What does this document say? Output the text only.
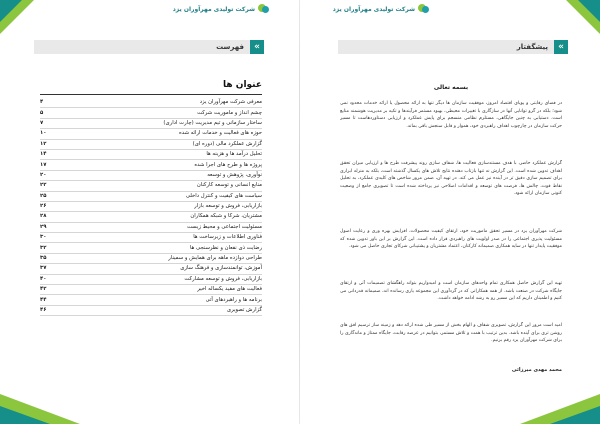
شرکت تولیدی مهرآوران یزد
»
فهرست
عنوان ها
معرفی شرکت مهرآوران یزد
۴
چشم انداز و ماموریت شرکت
۵
ساختار سازمانی و تیم مدیریت (چارت اداری)
۷
حوزه های فعالیت و خدمات ارائه شده
۱۰
گزارش عملکرد مالی (دوره ای)
۱۲
تحلیل درآمد ها و هزینه ها
۱۴
پروژه ها و طرح های اجرا شده
۱۷
نوآوری، پژوهش و توسعه
۲۰
منابع انسانی و توسعه کارکنان
۲۲
سیاست های کیفیت و کنترل داخلی
۲۵
بازاریابی، فروش و توسعه بازار
۲۶
مشتریان، شرکا و شبکه همکاران
۲۸
مسئولیت اجتماعی و محیط زیست
۲۹
فناوری اطلاعات و زیرساخت ها
۳۰
رضایت ذی نفعان و نظرسنجی ها
۳۲
طراحی دوازده ماهه برای همایش و سمینار
۳۵
آموزش، توانمندسازی و فرهنگ سازی
۳۷
بازاریابی، فروش و توسعه مشارکت
۴۰
فعالیت های مفید یکساله اخیر
۴۲
برنامه ها و راهبردهای آتی
۴۴
گزارش تصویری
۴۶
شرکت تولیدی مهرآوران یزد
»
پیشگفتار
بسمه تعالی
در فضای رقابتی و پویای اقتصاد امروز، موفقیت سازمان ها دیگر تنها به ارائه محصول یا ارائه خدمات محدود نمی شود؛ بلکه در گرو توانایی آنها در سازگاری با تغییرات محیطی، بهبود مستمر فرآیندها و تکیه بر مدیریت هوشمند منابع است. دستیابی به چنین جایگاهی، مستلزم نظامی منسجم برای پایش عملکرد و ارزیابی دستاوردهاست تا مسیر حرکت سازمان در چارچوب اهداف راهبردی خود، هموار و قابل سنجش باقی بماند.
گزارش عملکرد حاضر، با هدف مستندسازی فعالیت ها، شفاف سازی روند پیشرفت طرح ها و ارزیابی میزان تحقق اهداف تدوین شده است. این گزارش نه تنها بازتاب دهنده نتایج تلاش های یکسال گذشته است، بلکه به منزله ابزاری برای تصمیم سازی دقیق تر در آینده نیز عمل می کند. در تهیه آن، ضمن مرور شاخص های کلیدی عملکرد، به تحلیل نقاط قوت، چالش ها، فرصت های توسعه و اقدامات اصلاحی نیز پرداخته شده است تا تصویری جامع از وضعیت کنونی سازمان ارائه شود.
شرکت مهرآوران یزد در مسیر تحقق ماموریت خود، ارتقای کیفیت محصولات، افزایش بهره وری و رعایت اصول مسئولیت پذیری اجتماعی را در صدر اولویت های راهبردی قرار داده است. این گزارش بر این باور تدوین شده که موفقیت پایدار تنها در سایه همکاری صمیمانه کارکنان، اعتماد مشتریان و پشتیبانی شرکای تجاری حاصل می شود.
تهیه این گزارش حاصل همکاری تمام واحدهای سازمان است و امیدواریم بتواند راهگشای تصمیمات آتی و ارتقای جایگاه شرکت در صنعت باشد. از همه همکارانی که در گردآوری این مجموعه یاری رسانده اند، صمیمانه قدردانی می کنیم و اطمینان داریم که این مسیر رو به رشد ادامه خواهد داشت.
امید است مرور این گزارش، تصویری شفاف و الهام بخش از مسیر طی شده ارائه دهد و زمینه ساز ترسیم افق های روشن تری برای آینده باشد. بدین ترتیب با همت و تلاش مستمر، بتوانیم در عرصه رقابت، جایگاه ممتاز و ماندگاری را برای شرکت مهرآوران یزد رقم بزنیم.
محمد مهدی میرزائی
